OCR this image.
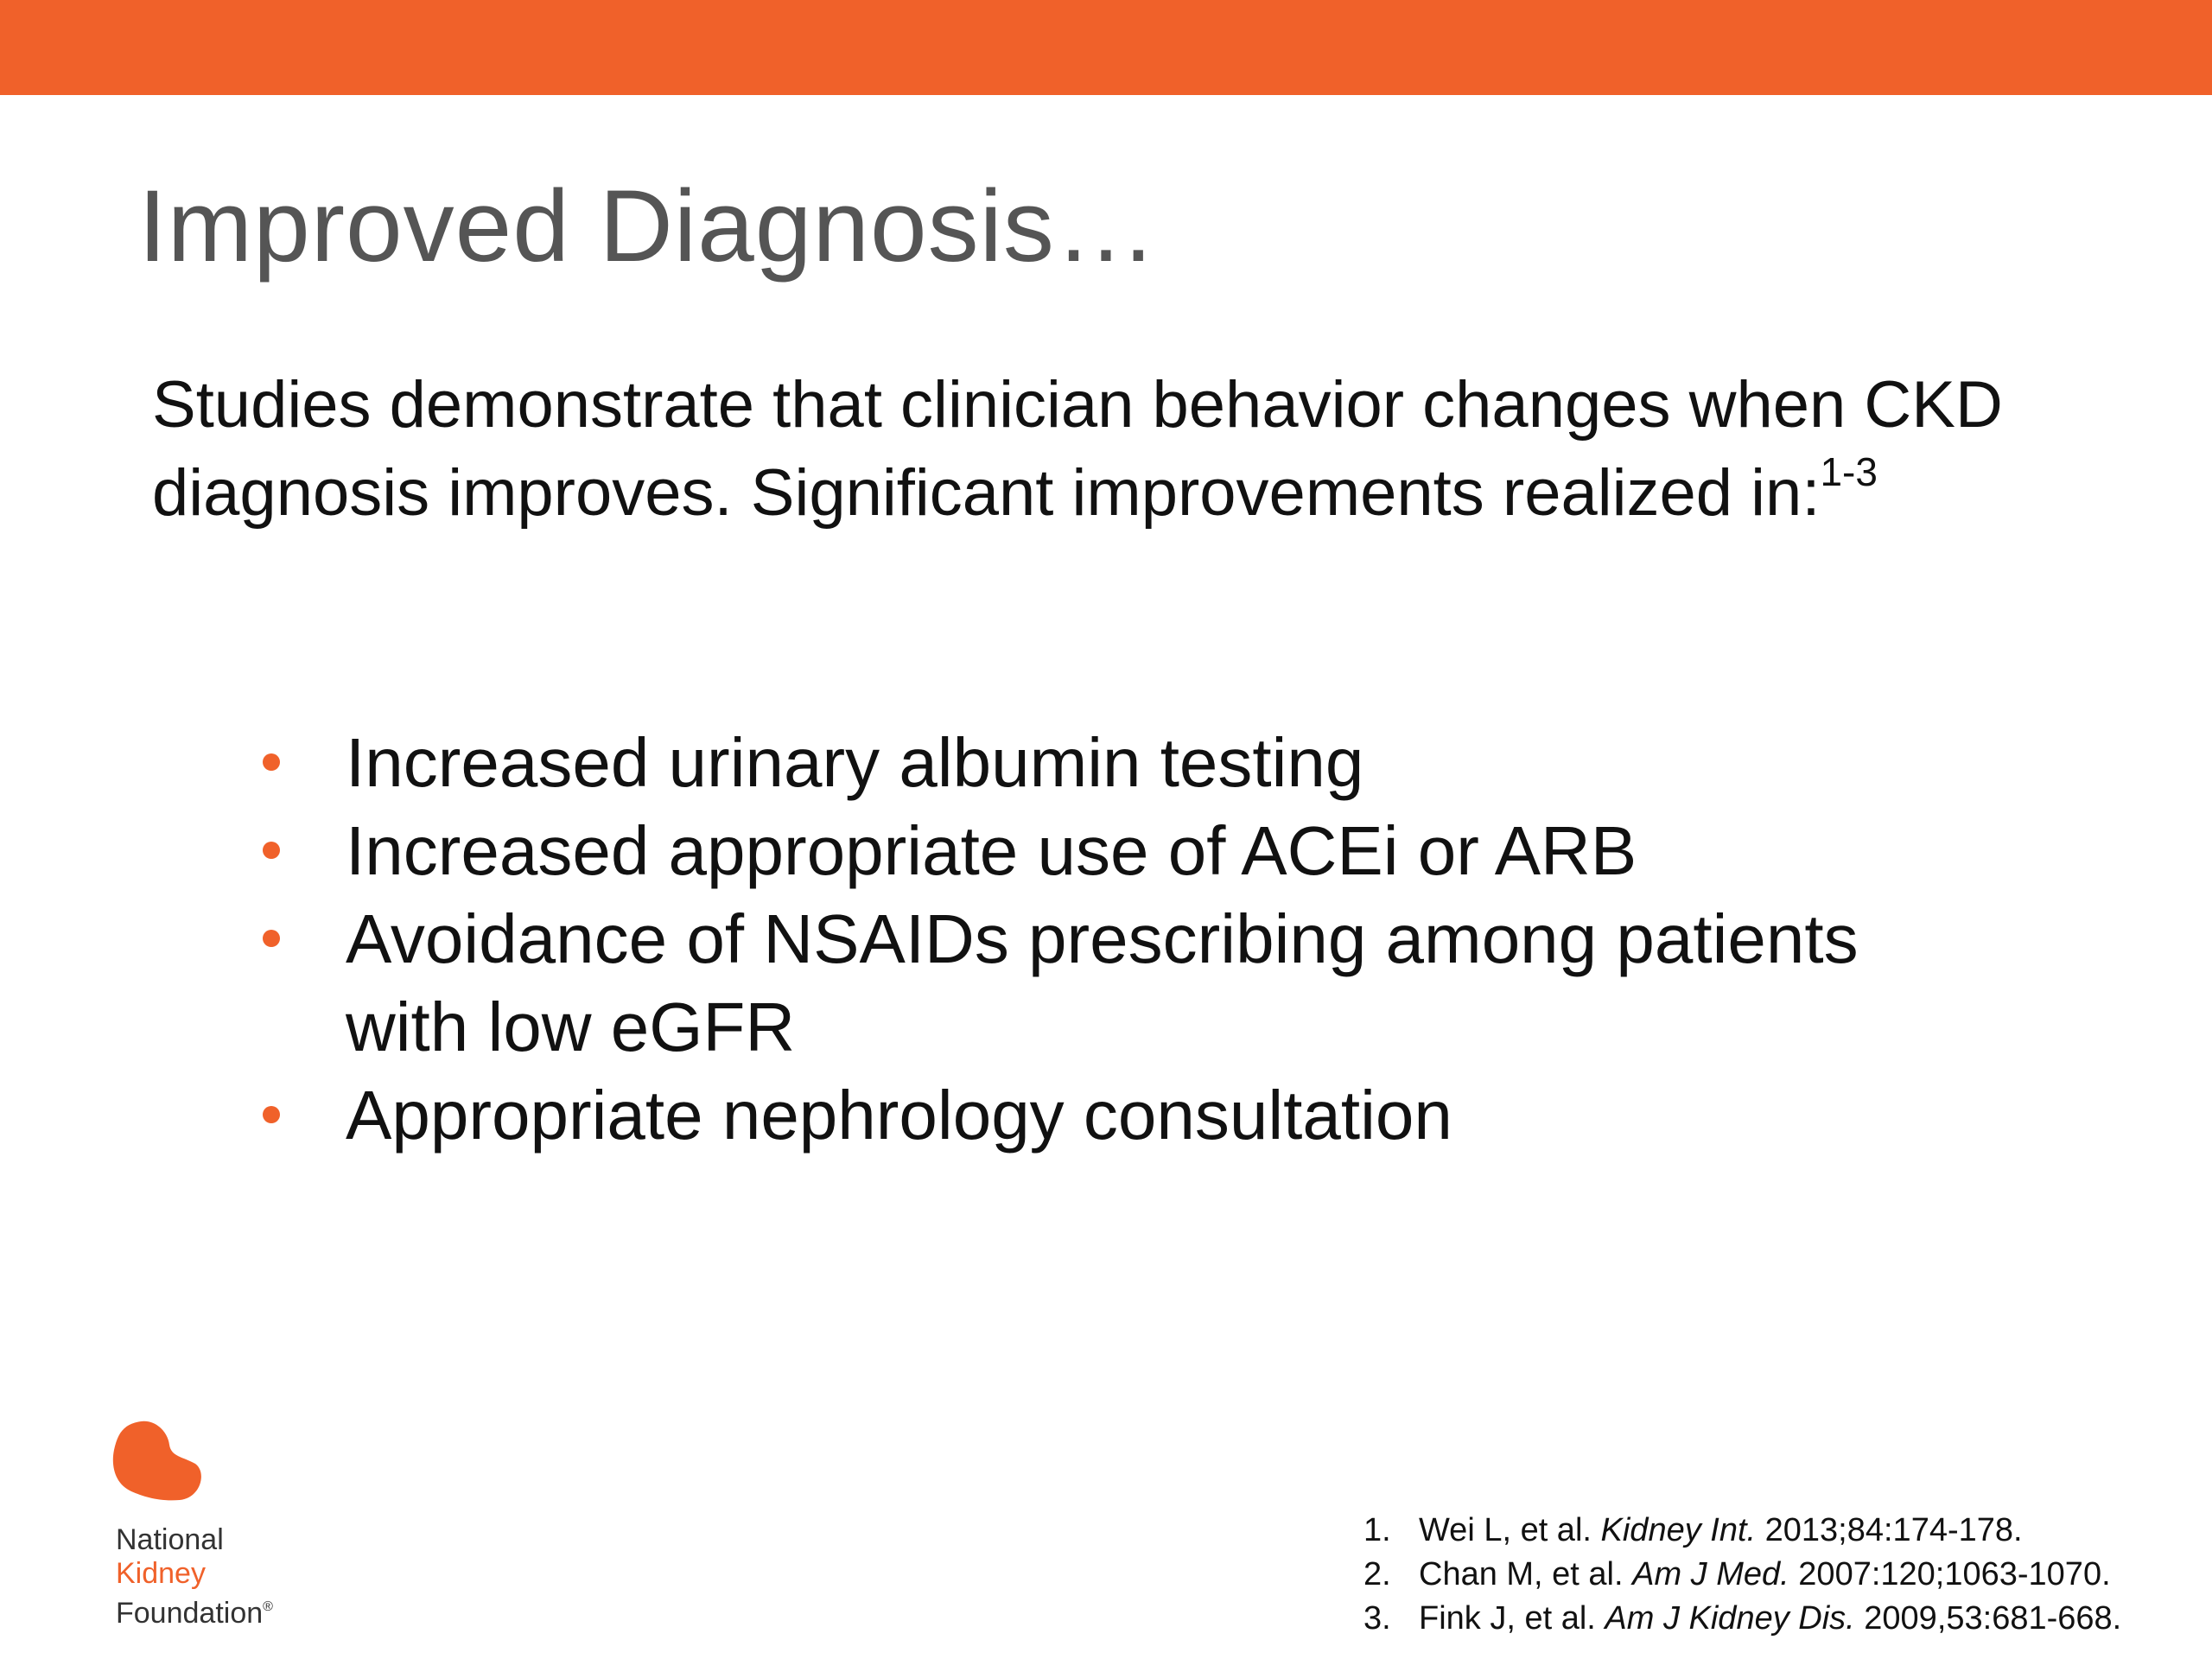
Improved Diagnosis…
Studies demonstrate that clinician behavior changes when CKD diagnosis improves. Significant improvements realized in:$^{1-3}$
Increased urinary albumin testing
Increased appropriate use of ACEi or ARB
Avoidance of NSAIDs prescribing among patients with low eGFR
Appropriate nephrology consultation
National
Kidney
Foundation®
1. Wei L, et al. Kidney Int. 2013;84:174-178.
2. Chan M, et al. Am J Med. 2007:120;1063-1070.
3. Fink J, et al. Am J Kidney Dis. 2009,53:681-668.
